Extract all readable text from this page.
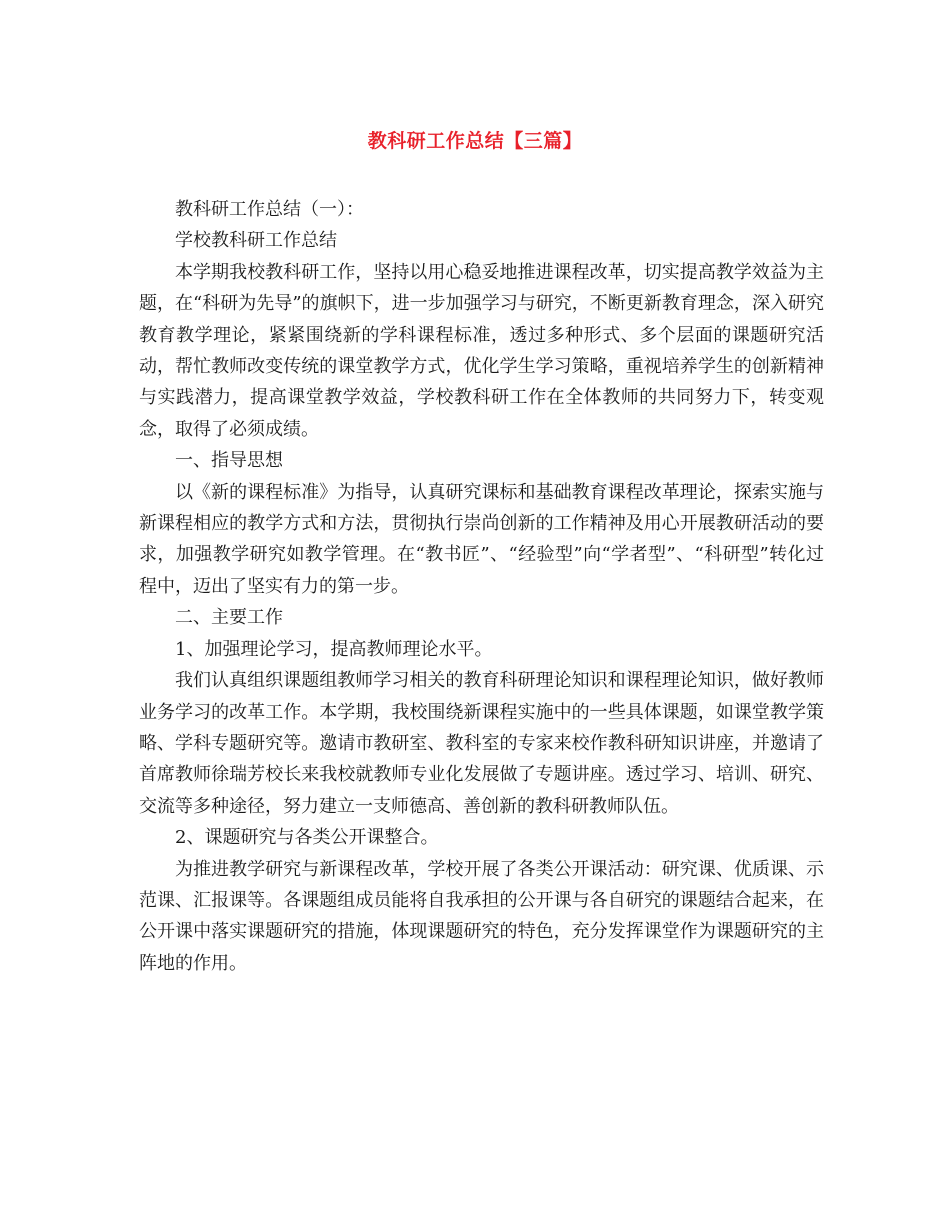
教科研工作总结【三篇】

教科研工作总结（一）：

学校教科研工作总结

本学期我校教科研工作，坚持以用心稳妥地推进课程改革，切实提高教学效益为主题，在“科研为先导”的旗帜下，进一步加强学习与研究，不断更新教育理念，深入研究教育教学理论，紧紧围绕新的学科课程标准，透过多种形式、多个层面的课题研究活动，帮忙教师改变传统的课堂教学方式，优化学生学习策略，重视培养学生的创新精神与实践潜力，提高课堂教学效益，学校教科研工作在全体教师的共同努力下，转变观念，取得了必须成绩。

一、指导思想

以《新的课程标准》为指导，认真研究课标和基础教育课程改革理论，探索实施与新课程相应的教学方式和方法，贯彻执行崇尚创新的工作精神及用心开展教研活动的要求，加强教学研究如教学管理。在“教书匠”、“经验型”向“学者型”、“科研型”转化过程中，迈出了坚实有力的第一步。

二、主要工作

1、加强理论学习，提高教师理论水平。

我们认真组织课题组教师学习相关的教育科研理论知识和课程理论知识，做好教师业务学习的改革工作。本学期，我校围绕新课程实施中的一些具体课题，如课堂教学策略、学科专题研究等。邀请市教研室、教科室的专家来校作教科研知识讲座，并邀请了首席教师徐瑞芳校长来我校就教师专业化发展做了专题讲座。透过学习、培训、研究、交流等多种途径，努力建立一支师德高、善创新的教科研教师队伍。

2、课题研究与各类公开课整合。

为推进教学研究与新课程改革，学校开展了各类公开课活动：研究课、优质课、示范课、汇报课等。各课题组成员能将自我承担的公开课与各自研究的课题结合起来，在公开课中落实课题研究的措施，体现课题研究的特色，充分发挥课堂作为课题研究的主阵地的作用。
